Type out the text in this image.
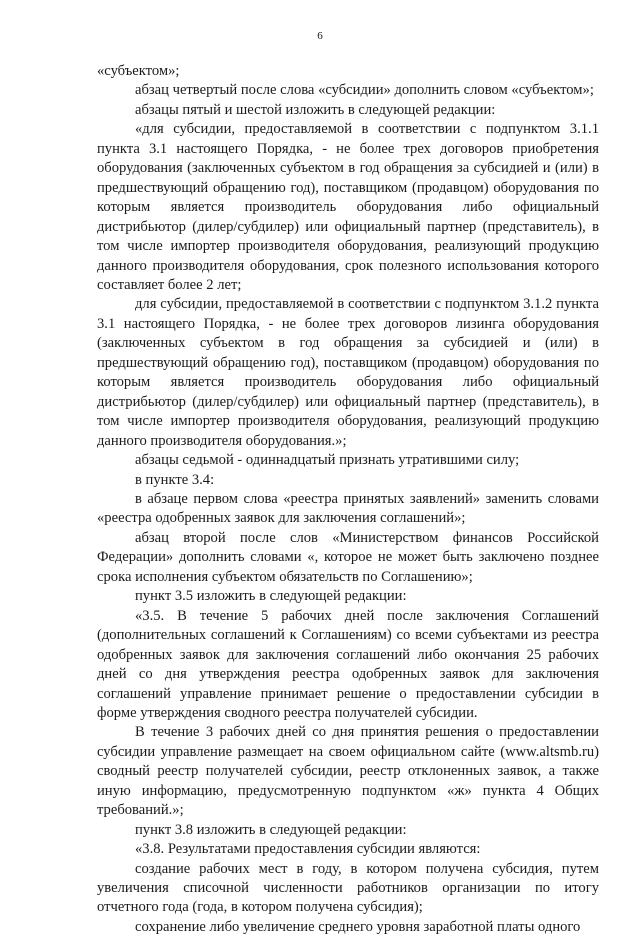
6

«субъектом»;

абзац четвертый после слова «субсидии» дополнить словом «субъектом»;

абзацы пятый и шестой изложить в следующей редакции:

«для субсидии, предоставляемой в соответствии с подпунктом 3.1.1 пункта 3.1 настоящего Порядка, - не более трех договоров приобретения оборудования (заключенных субъектом в год обращения за субсидией и (или) в предшествующий обращению год), поставщиком (продавцом) оборудования по которым является производитель оборудования либо официальный дистрибьютор (дилер/субдилер) или официальный партнер (представитель), в том числе импортер производителя оборудования, реализующий продукцию данного производителя оборудования, срок полезного использования которого составляет более 2 лет;

для субсидии, предоставляемой в соответствии с подпунктом 3.1.2 пункта 3.1 настоящего Порядка, - не более трех договоров лизинга оборудования (заключенных субъектом в год обращения за субсидией и (или) в предшествующий обращению год), поставщиком (продавцом) оборудования по которым является производитель оборудования либо официальный дистрибьютор (дилер/субдилер) или официальный партнер (представитель), в том числе импортер производителя оборудования, реализующий продукцию данного производителя оборудования.»;

абзацы седьмой - одиннадцатый признать утратившими силу;

в пункте 3.4:

в абзаце первом слова «реестра принятых заявлений» заменить словами «реестра одобренных заявок для заключения соглашений»;

абзац второй после слов «Министерством финансов Российской Федерации» дополнить словами «, которое не может быть заключено позднее срока исполнения субъектом обязательств по Соглашению»;

пункт 3.5 изложить в следующей редакции:

«3.5. В течение 5 рабочих дней после заключения Соглашений (дополнительных соглашений к Соглашениям) со всеми субъектами из реестра одобренных заявок для заключения соглашений либо окончания 25 рабочих дней со дня утверждения реестра одобренных заявок для заключения соглашений управление принимает решение о предоставлении субсидии в форме утверждения сводного реестра получателей субсидии.

В течение 3 рабочих дней со дня принятия решения о предоставлении субсидии управление размещает на своем официальном сайте (www.altsmb.ru) сводный реестр получателей субсидии, реестр отклоненных заявок, а также иную информацию, предусмотренную подпунктом «ж» пункта 4 Общих требований.»;

пункт 3.8 изложить в следующей редакции:

«3.8. Результатами предоставления субсидии являются:

создание рабочих мест в году, в котором получена субсидия, путем увеличения списочной численности работников организации по итогу отчетного года (года, в котором получена субсидия);

сохранение либо увеличение среднего уровня заработной платы одного
